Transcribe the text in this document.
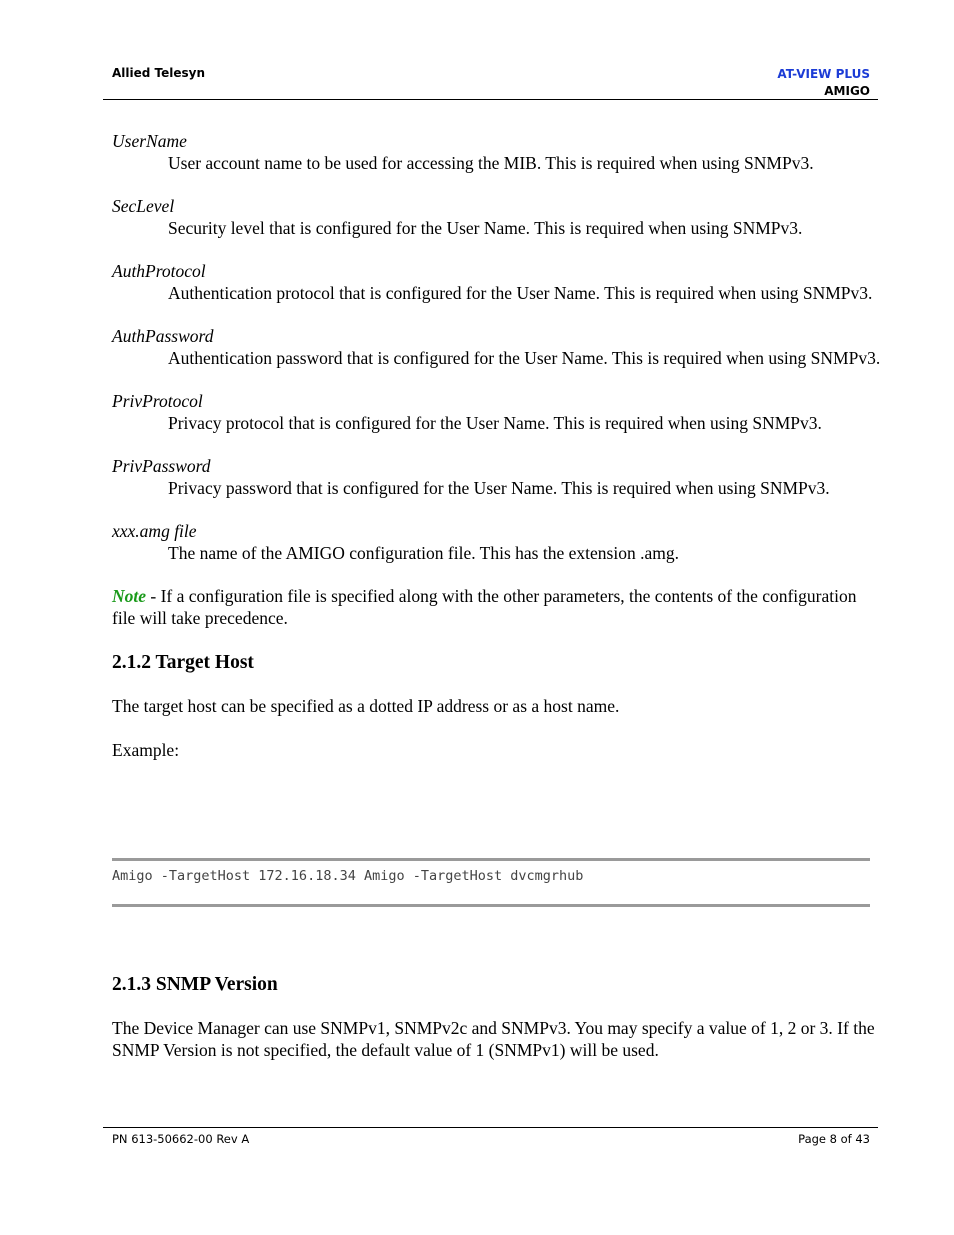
Allied Telesyn	AT-VIEW PLUS
AMIGO
UserName
User account name to be used for accessing the MIB. This is required when using SNMPv3.
SecLevel
Security level that is configured for the User Name. This is required when using SNMPv3.
AuthProtocol
Authentication protocol that is configured for the User Name. This is required when using SNMPv3.
AuthPassword
Authentication password that is configured for the User Name. This is required when using SNMPv3.
PrivProtocol
Privacy protocol that is configured for the User Name. This is required when using SNMPv3.
PrivPassword
Privacy password that is configured for the User Name. This is required when using SNMPv3.
xxx.amg file
The name of the AMIGO configuration file. This has the extension .amg.

Note - If a configuration file is specified along with the other parameters, the contents of the configuration file will take precedence.

2.1.2 Target Host

The target host can be specified as a dotted IP address or as a host name.

Example:

Amigo -TargetHost 172.16.18.34 Amigo -TargetHost dvcmgrhub
2.1.3 SNMP Version

The Device Manager can use SNMPv1, SNMPv2c and SNMPv3. You may specify a value of 1, 2 or 3. If the SNMP Version is not specified, the default value of 1 (SNMPv1) will be used.

PN 613-50662-00 Rev A	Page 8 of 43
